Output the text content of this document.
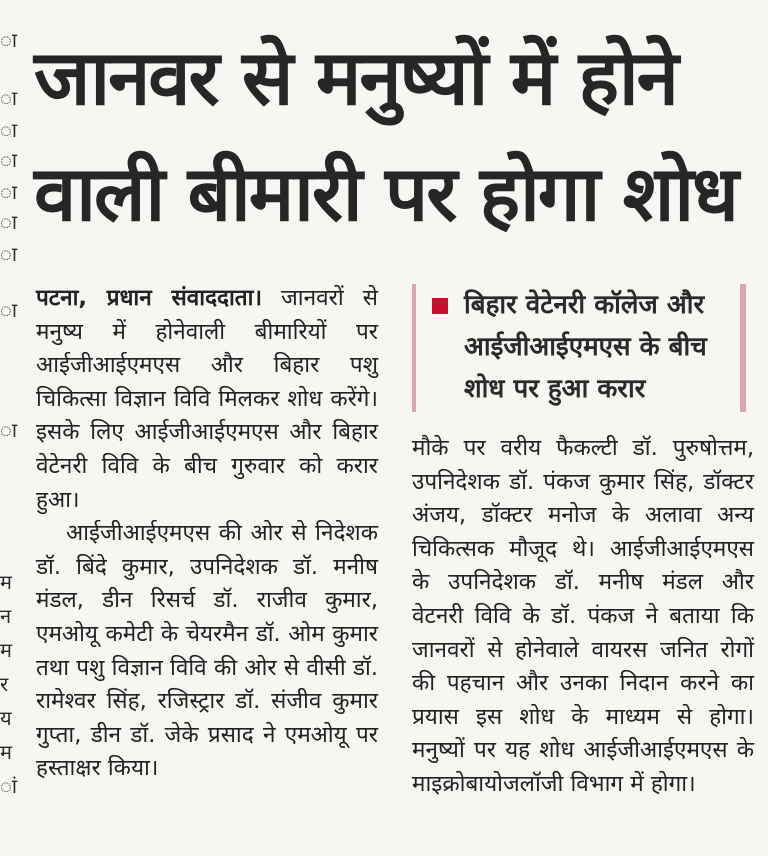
ा
ा
ा
ा
ा
ा
ा
ा
ा
म
न
म
र
य
म
ां
जानवर से मनुष्यों में होने
वाली बीमारी पर होगा शोध

पटना, प्रधान संवाददाता। जानवरों से मनुष्य में होनेवाली बीमारियों पर आईजीआईएमएस और बिहार पशु चिकित्सा विज्ञान विवि मिलकर शोध करेंगे। इसके लिए आईजीआईएमएस और बिहार वेटेनरी विवि के बीच गुरुवार को करार हुआ।

आईजीआईएमएस की ओर से निदेशक डॉ. बिंदे कुमार, उपनिदेशक डॉ. मनीष मंडल, डीन रिसर्च डॉ. राजीव कुमार, एमओयू कमेटी के चेयरमैन डॉ. ओम कुमार तथा पशु विज्ञान विवि की ओर से वीसी डॉ. रामेश्वर सिंह, रजिस्ट्रार डॉ. संजीव कुमार गुप्ता, डीन डॉ. जेके प्रसाद ने एमओयू पर हस्ताक्षर किया।

बिहार वेटेनरी कॉलेज और
आईजीआईएमएस के बीच
शोध पर हुआ करार

मौके पर वरीय फैकल्टी डॉ. पुरुषोत्तम, उपनिदेशक डॉ. पंकज कुमार सिंह, डॉक्टर अंजय, डॉक्टर मनोज के अलावा अन्य चिकित्सक मौजूद थे। आईजीआईएमएस के उपनिदेशक डॉ. मनीष मंडल और वेटनरी विवि के डॉ. पंकज ने बताया कि जानवरों से होनेवाले वायरस जनित रोगों की पहचान और उनका निदान करने का प्रयास इस शोध के माध्यम से होगा। मनुष्यों पर यह शोध आईजीआईएमएस के माइक्रोबायोजलॉजी विभाग में होगा।
